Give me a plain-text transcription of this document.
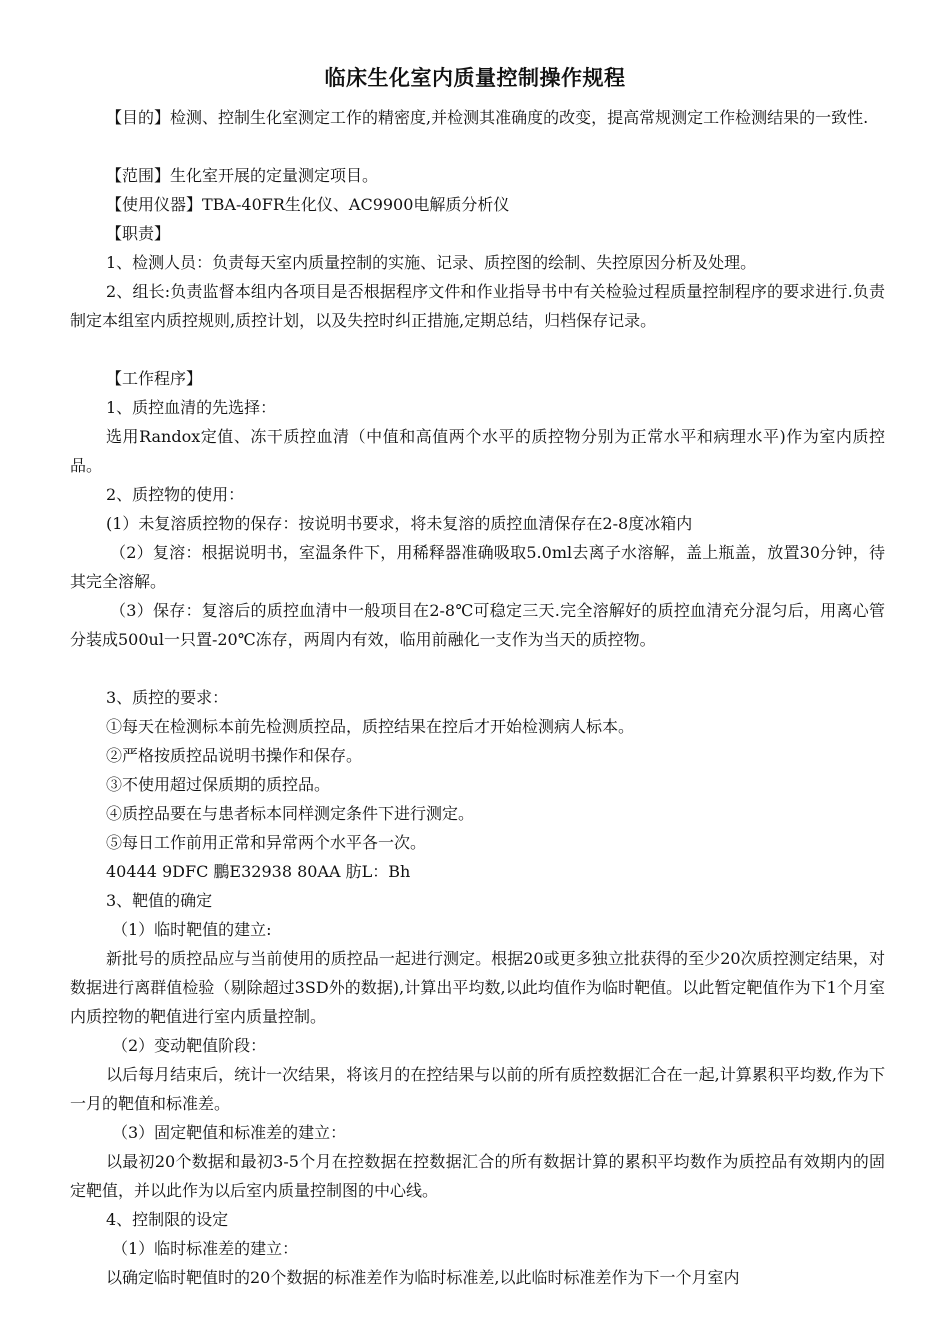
临床生化室内质量控制操作规程
【目的】检测、控制生化室测定工作的精密度,并检测其准确度的改变，提高常规测定工作检测结果的一致性.
【范围】生化室开展的定量测定项目。
【使用仪器】TBA-40FR生化仪、AC9900电解质分析仪
【职责】
1、检测人员：负责每天室内质量控制的实施、记录、质控图的绘制、失控原因分析及处理。
2、组长:负责监督本组内各项目是否根据程序文件和作业指导书中有关检验过程质量控制程序的要求进行.负责制定本组室内质控规则,质控计划，以及失控时纠正措施,定期总结，归档保存记录。
【工作程序】
1、质控血清的先选择：
选用Randox定值、冻干质控血清（中值和高值两个水平的质控物分别为正常水平和病理水平)作为室内质控品。
2、质控物的使用：
(1）未复溶质控物的保存：按说明书要求，将未复溶的质控血清保存在2-8度冰箱内
（2）复溶：根据说明书，室温条件下，用稀释器准确吸取5.0ml去离子水溶解，盖上瓶盖，放置30分钟，待其完全溶解。
（3）保存：复溶后的质控血清中一般项目在2-8℃可稳定三天.完全溶解好的质控血清充分混匀后，用离心管分装成500ul一只置-20℃冻存，两周内有效，临用前融化一支作为当天的质控物。
3、质控的要求：
①每天在检测标本前先检测质控品，质控结果在控后才开始检测病人标本。
②严格按质控品说明书操作和保存。
③不使用超过保质期的质控品。
④质控品要在与患者标本同样测定条件下进行测定。
⑤每日工作前用正常和异常两个水平各一次。
40444 9DFC 鵬E32938 80AA 肪L：Bh
3、靶值的确定
（1）临时靶值的建立:
新批号的质控品应与当前使用的质控品一起进行测定。根据20或更多独立批获得的至少20次质控测定结果，对数据进行离群值检验（剔除超过3SD外的数据),计算出平均数,以此均值作为临时靶值。以此暂定靶值作为下1个月室内质控物的靶值进行室内质量控制。
（2）变动靶值阶段：
以后每月结束后，统计一次结果，将该月的在控结果与以前的所有质控数据汇合在一起,计算累积平均数,作为下一月的靶值和标准差。
（3）固定靶值和标准差的建立：
以最初20个数据和最初3-5个月在控数据在控数据汇合的所有数据计算的累积平均数作为质控品有效期内的固定靶值，并以此作为以后室内质量控制图的中心线。
4、控制限的设定
（1）临时标准差的建立：
以确定临时靶值时的20个数据的标准差作为临时标准差,以此临时标准差作为下一个月室内
